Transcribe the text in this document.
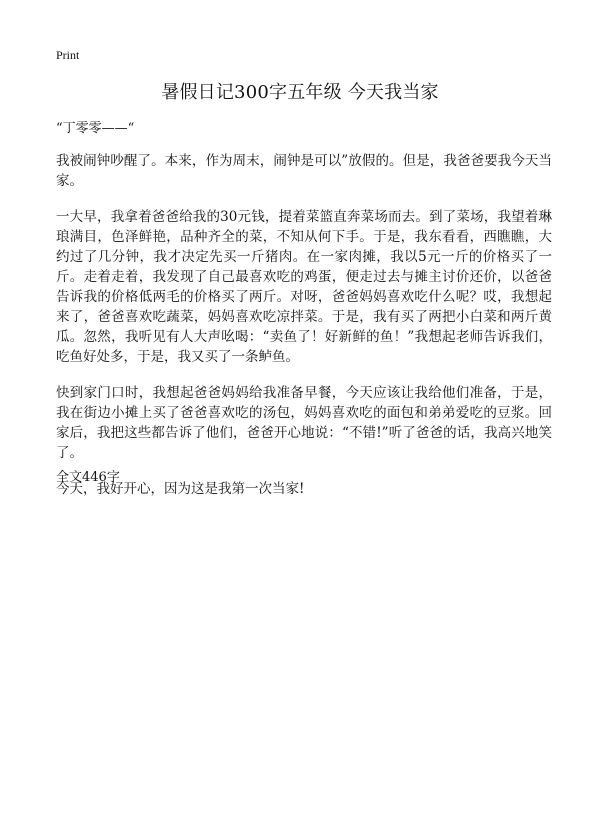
Print
暑假日记300字五年级 今天我当家

“丁零零——“

我被闹钟吵醒了。本来，作为周末，闹钟是可以”放假的。但是，我爸爸要我今天当家。

一大早，我拿着爸爸给我的30元钱，提着菜篮直奔菜场而去。到了菜场，我望着琳琅满目，色泽鲜艳，品种齐全的菜，不知从何下手。于是，我东看看，西瞧瞧，大约过了几分钟，我才决定先买一斤猪肉。在一家肉摊，我以5元一斤的价格买了一斤。走着走着，我发现了自己最喜欢吃的鸡蛋，便走过去与摊主讨价还价，以爸爸告诉我的价格低两毛的价格买了两斤。对呀，爸爸妈妈喜欢吃什么呢？哎，我想起来了，爸爸喜欢吃蔬菜，妈妈喜欢吃凉拌菜。于是，我有买了两把小白菜和两斤黄瓜。忽然，我听见有人大声吆喝：“卖鱼了！好新鲜的鱼！”我想起老师告诉我们，吃鱼好处多，于是，我又买了一条鲈鱼。

快到家门口时，我想起爸爸妈妈给我准备早餐，今天应该让我给他们准备，于是，我在街边小摊上买了爸爸喜欢吃的汤包，妈妈喜欢吃的面包和弟弟爱吃的豆浆。回家后，我把这些都告诉了他们，爸爸开心地说：“不错!”听了爸爸的话，我高兴地笑了。

今天，我好开心，因为这是我第一次当家!

全文446字
